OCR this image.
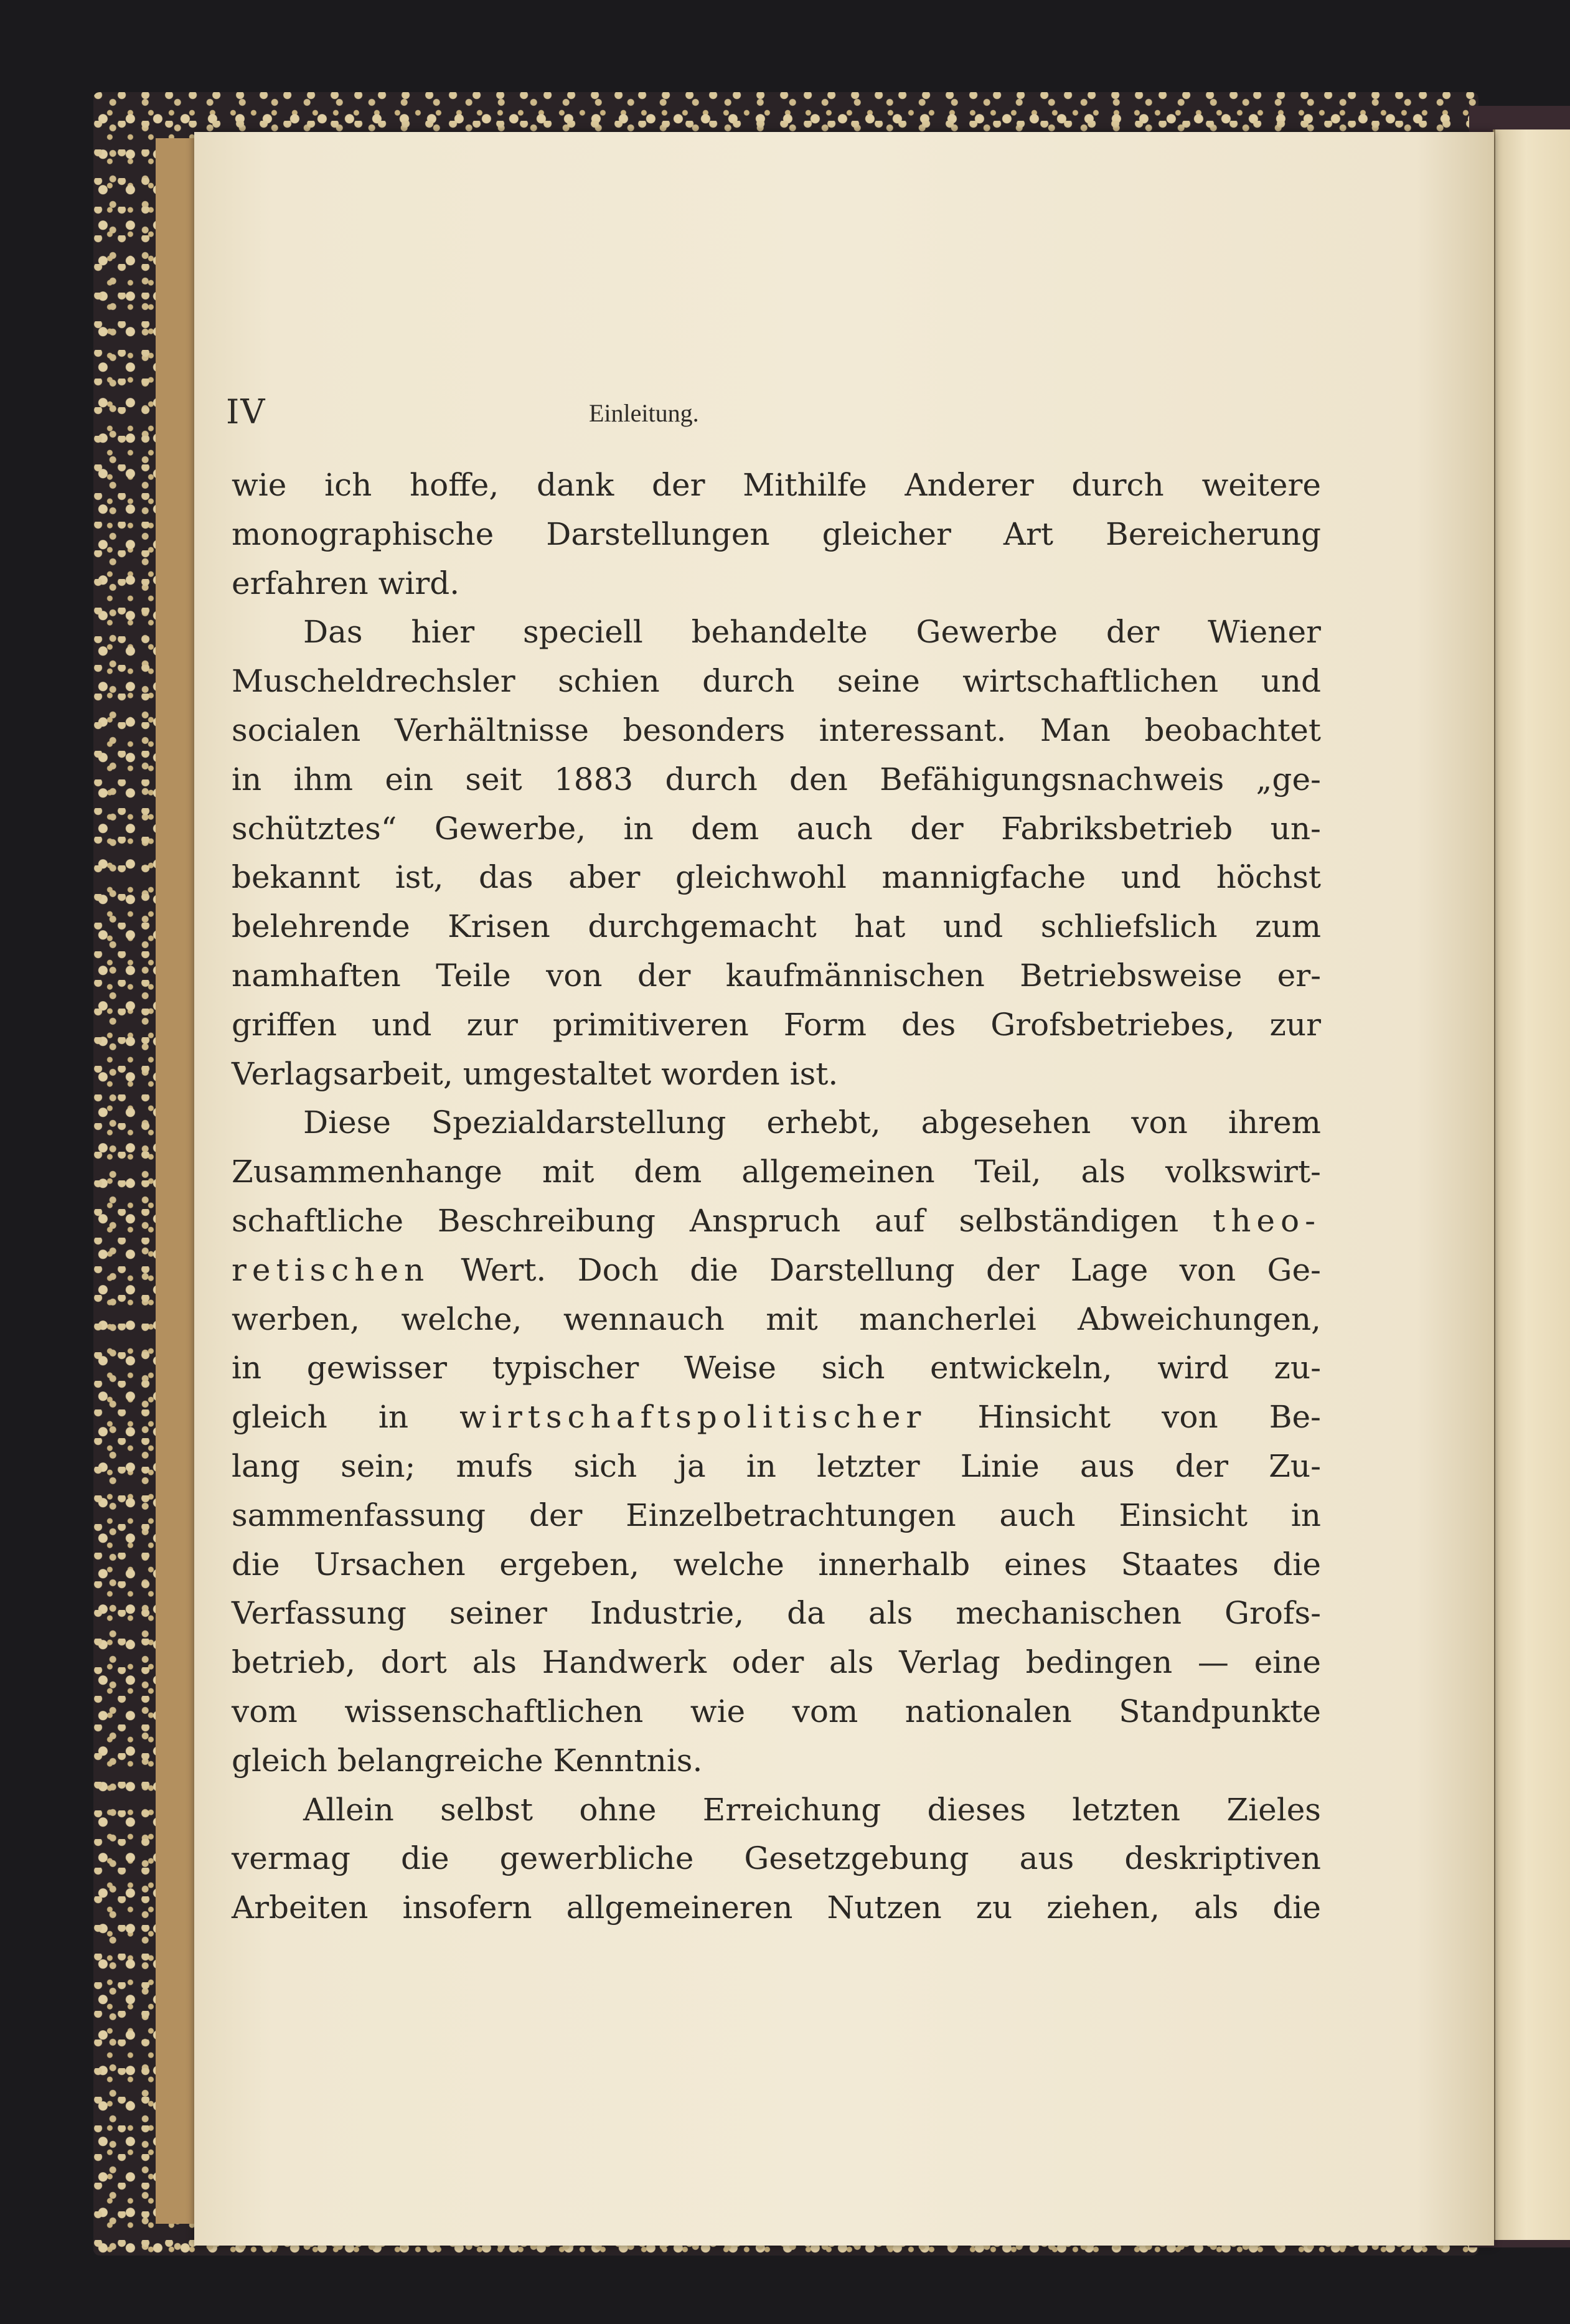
IV	Einleitung.
wie ich hoffe, dank der Mithilfe Anderer durch weitere
monographische Darstellungen gleicher Art Bereicherung
erfahren wird.
Das hier speciell behandelte Gewerbe der Wiener
Muscheldrechsler schien durch seine wirtschaftlichen und
socialen Verhältnisse besonders interessant. Man beobachtet
in ihm ein seit 1883 durch den Befähigungsnachweis „ge-
schütztes“ Gewerbe, in dem auch der Fabriksbetrieb un-
bekannt ist, das aber gleichwohl mannigfache und höchst
belehrende Krisen durchgemacht hat und schliefslich zum
namhaften Teile von der kaufmännischen Betriebsweise er-
griffen und zur primitiveren Form des Grofsbetriebes, zur
Verlagsarbeit, umgestaltet worden ist.
Diese Spezialdarstellung erhebt, abgesehen von ihrem
Zusammenhange mit dem allgemeinen Teil, als volkswirt-
schaftliche Beschreibung Anspruch auf selbständigen theo-
retischen Wert. Doch die Darstellung der Lage von Ge-
werben, welche, wennauch mit mancherlei Abweichungen,
in gewisser typischer Weise sich entwickeln, wird zu-
gleich in wirtschaftspolitischer Hinsicht von Be-
lang sein; mufs sich ja in letzter Linie aus der Zu-
sammenfassung der Einzelbetrachtungen auch Einsicht in
die Ursachen ergeben, welche innerhalb eines Staates die
Verfassung seiner Industrie, da als mechanischen Grofs-
betrieb, dort als Handwerk oder als Verlag bedingen — eine
vom wissenschaftlichen wie vom nationalen Standpunkte
gleich belangreiche Kenntnis.
Allein selbst ohne Erreichung dieses letzten Zieles
vermag die gewerbliche Gesetzgebung aus deskriptiven
Arbeiten insofern allgemeineren Nutzen zu ziehen, als die
